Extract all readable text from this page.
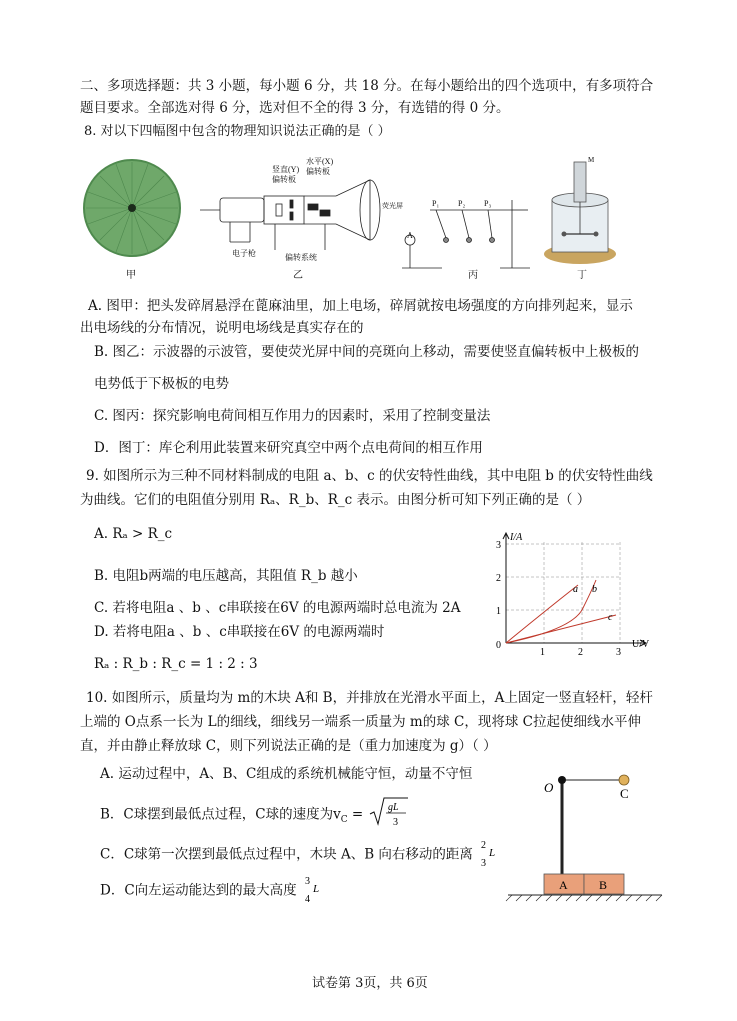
二、多项选择题：共 3 小题，每小题 6 分，共 18 分。在每小题给出的四个选项中，有多项符合
题目要求。全部选对得 6 分，选对但不全的得 3 分，有选错的得 0 分。
8. 对以下四幅图中包含的物理知识说法正确的是（ ）
甲
竖直(Y)
偏转板
水平(X)
偏转板
荧光屏
电子枪	偏转系统
乙
P₁ P₂ P₃
A
丙
M
丁
A. 图甲：把头发碎屑悬浮在蓖麻油里，加上电场，碎屑就按电场强度的方向排列起来，显示
出电场线的分布情况，说明电场线是真实存在的
B. 图乙：示波器的示波管，要使荧光屏中间的亮斑向上移动，需要使竖直偏转板中上极板的
电势低于下极板的电势
C. 图丙：探究影响电荷间相互作用力的因素时，采用了控制变量法
D．图丁：库仑利用此装置来研究真空中两个点电荷间的相互作用
9. 如图所示为三种不同材料制成的电阻 a、b、c 的伏安特性曲线，其中电阻 b 的伏安特性曲线
为曲线。它们的电阻值分别用 Rₐ、R_b、R_c 表示。由图分析可知下列正确的是（ ）
A. Rₐ > R_c
B. 电阻b两端的电压越高，其阻值 R_b 越小
C. 若将电阻a 、b 、c串联接在6V 的电源两端时总电流为 2A
D. 若将电阻a 、b 、c串联接在6V 的电源两端时
Rₐ : R_b : R_c = 1 : 2 : 3
I/A
U/V
0
1	2	3
1
2
3
a b
c
10. 如图所示，质量均为 m的木块 A和 B，并排放在光滑水平面上，A上固定一竖直轻杆，轻杆
上端的 O点系一长为 L的细线，细线另一端系一质量为 m的球 C，现将球 C拉起使细线水平伸
直，并由静止释放球 C，则下列说法正确的是（重力加速度为 g）（ ）
A. 运动过程中，A、B、C组成的系统机械能守恒，动量不守恒
B．C球摆到最低点过程，C球的速度为$v_C$ = gL
3
C．C球第一次摆到最低点过程中，木块 A、B 向右移动的距离
2
L
3
D．C向左运动能达到的最大高度
3
L
4
O	C
A	B
试卷第 3页，共 6页
